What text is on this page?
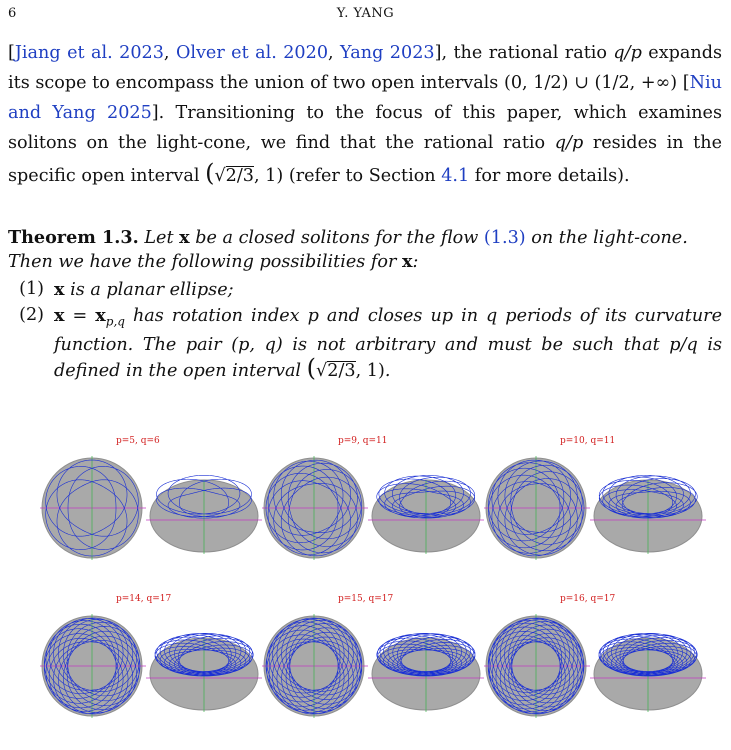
6	Y. YANG
[Jiang et al. 2023, Olver et al. 2020, Yang 2023], the rational ratio q/p expands its scope to encompass the union of two open intervals (0, 1/2) ∪ (1/2, +∞) [Niu and Yang 2025]. Transitioning to the focus of this paper, which examines solitons on the light-cone, we find that the rational ratio q/p resides in the specific open interval (√2/3, 1) (refer to Section 4.1 for more details).
Theorem 1.3. Let x be a closed solitons for the flow (1.3) on the light-cone. Then we have the following possibilities for x:
(1) x is a planar ellipse;
(2) $x = x_{p,q}$ has rotation index p and closes up in q periods of its curvature function. The pair (p, q) is not arbitrary and must be such that p/q is defined in the open interval (√2/3, 1).
p=5, q=6	p=9, q=11	p=10, q=11
p=14, q=17	p=15, q=17	p=16, q=17
